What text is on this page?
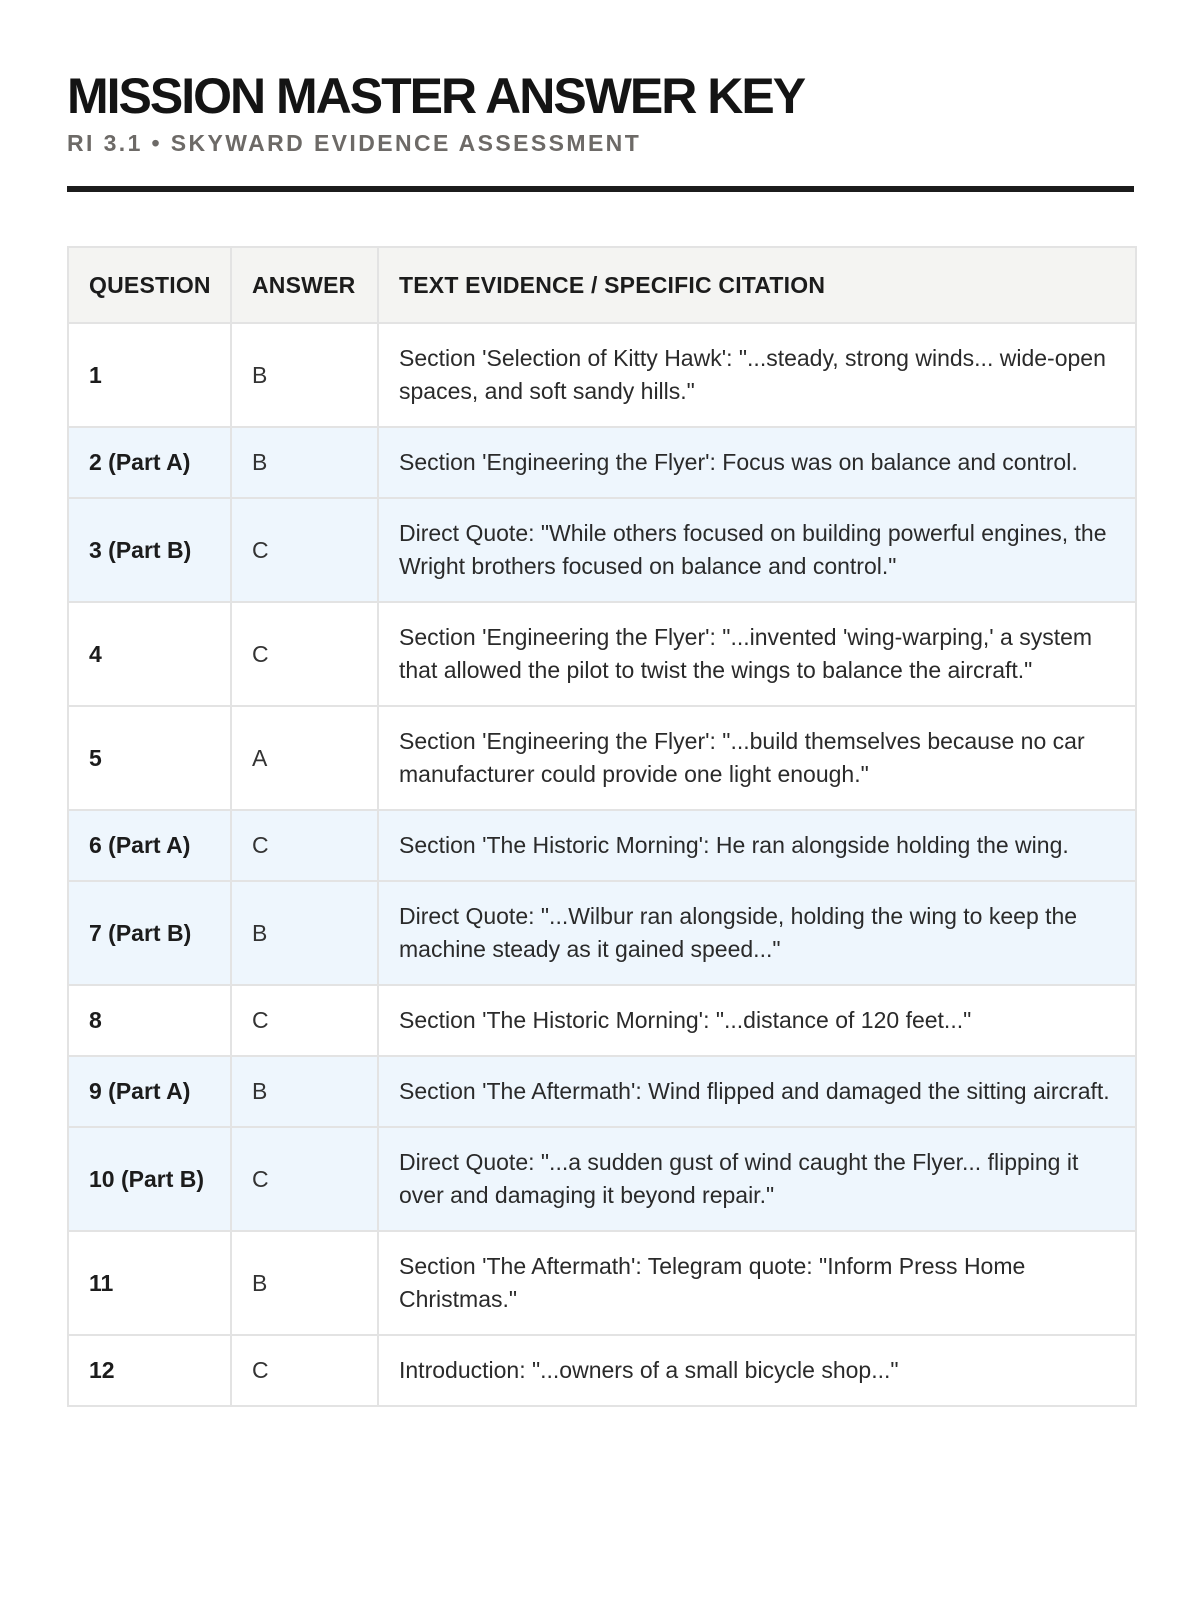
MISSION MASTER ANSWER KEY
RI 3.1 • SKYWARD EVIDENCE ASSESSMENT
QUESTION	ANSWER	TEXT EVIDENCE / SPECIFIC CITATION
1	B	Section 'Selection of Kitty Hawk': "...steady, strong winds... wide-open spaces, and soft sandy hills."
2 (Part A)	B	Section 'Engineering the Flyer': Focus was on balance and control.
3 (Part B)	C	Direct Quote: "While others focused on building powerful engines, the Wright brothers focused on balance and control."
4	C	Section 'Engineering the Flyer': "...invented 'wing-warping,' a system that allowed the pilot to twist the wings to balance the aircraft."
5	A	Section 'Engineering the Flyer': "...build themselves because no car manufacturer could provide one light enough."
6 (Part A)	C	Section 'The Historic Morning': He ran alongside holding the wing.
7 (Part B)	B	Direct Quote: "...Wilbur ran alongside, holding the wing to keep the machine steady as it gained speed..."
8	C	Section 'The Historic Morning': "...distance of 120 feet..."
9 (Part A)	B	Section 'The Aftermath': Wind flipped and damaged the sitting aircraft.
10 (Part B)	C	Direct Quote: "...a sudden gust of wind caught the Flyer... flipping it over and damaging it beyond repair."
11	B	Section 'The Aftermath': Telegram quote: "Inform Press Home Christmas."
12	C	Introduction: "...owners of a small bicycle shop..."
